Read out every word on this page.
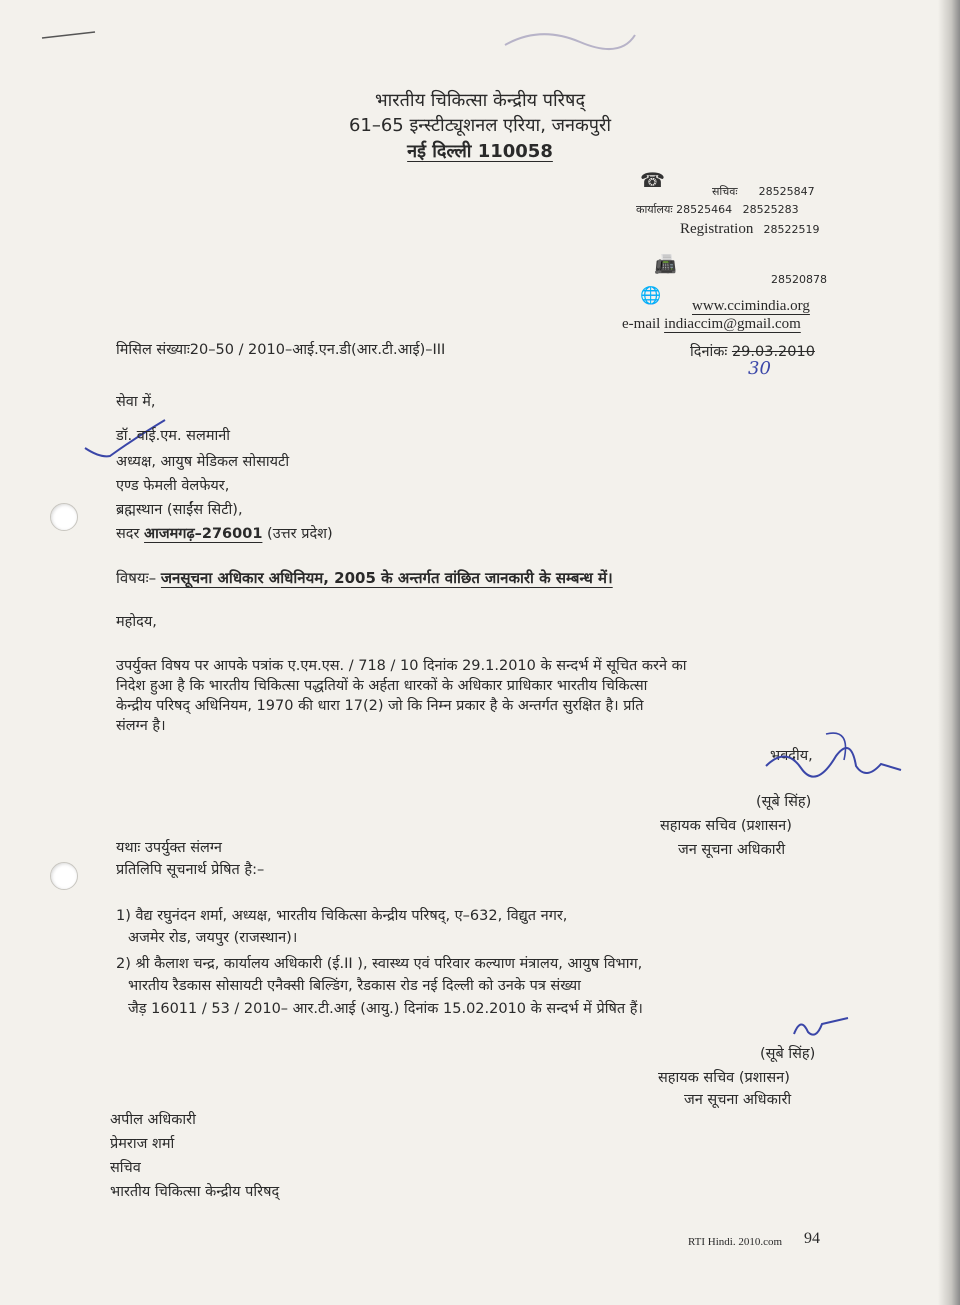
भारतीय चिकित्सा केन्द्रीय परिषद्
61–65 इन्स्टीट्यूशनल एरिया, जनकपुरी
नई दिल्ली 110058
☎	सचिवः 28525847
कार्यालयः 28525464 28525283
Registration 28522519
📠
28520878
🌐 www.ccimindia.org
e-mail indiaccim@gmail.com
मिसिल संख्याः20–50 / 2010–आई.एन.डी(आर.टी.आई)–III	दिनांकः 29.03.2010
30
सेवा में,
डॉ. वाई.एम. सलमानी
अध्यक्ष, आयुष मेडिकल सोसायटी
एण्ड फेमली वेलफेयर,
ब्रह्मस्थान (साईंस सिटी),
सदर आजमगढ़–276001 (उत्तर प्रदेश)
विषयः– जनसूचना अधिकार अधिनियम, 2005 के अन्तर्गत वांछित जानकारी के सम्बन्ध में।
महोदय,
उपर्युक्त विषय पर आपके पत्रांक ए.एम.एस. / 718 / 10 दिनांक 29.1.2010 के सन्दर्भ में सूचित करने का
निदेश हुआ है कि भारतीय चिकित्सा पद्धतियों के अर्हता धारकों के अधिकार प्राधिकार भारतीय चिकित्सा
केन्द्रीय परिषद् अधिनियम, 1970 की धारा 17(2) जो कि निम्न प्रकार है के अन्तर्गत सुरक्षित है। प्रति
संलग्न है।
भवदीय,
(सूबे सिंह)
सहायक सचिव (प्रशासन)
जन सूचना अधिकारी
यथाः उपर्युक्त संलग्न
प्रतिलिपि सूचनार्थ प्रेषित है:–
1) वैद्य रघुनंदन शर्मा, अध्यक्ष, भारतीय चिकित्सा केन्द्रीय परिषद्, ए–632, विद्युत नगर,
अजमेर रोड, जयपुर (राजस्थान)।
2) श्री कैलाश चन्द्र, कार्यालय अधिकारी (ई.II ), स्वास्थ्य एवं परिवार कल्याण मंत्रालय, आयुष विभाग,
भारतीय रैडकास सोसायटी एनैक्सी बिल्डिंग, रैडकास रोड नई दिल्ली को उनके पत्र संख्या
जैड़ 16011 / 53 / 2010– आर.टी.आई (आयु.) दिनांक 15.02.2010 के सन्दर्भ में प्रेषित हैं।
(सूबे सिंह)
सहायक सचिव (प्रशासन)
जन सूचना अधिकारी
अपील अधिकारी
प्रेमराज शर्मा
सचिव
भारतीय चिकित्सा केन्द्रीय परिषद्
RTI Hindi. 2010.com 94
